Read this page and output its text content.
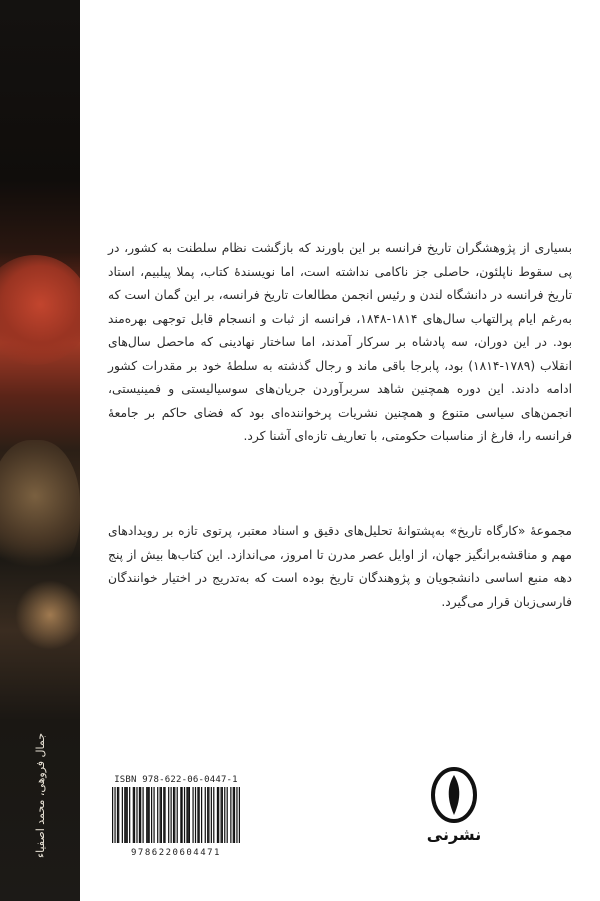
جمال فروهی، محمد اصفیاء
بسیاری از پژوهشگران تاریخ فرانسه بر این باورند که بازگشت نظام سلطنت به کشور، در پی سقوط ناپلئون، حاصلی جز ناکامی نداشته است، اما نویسندهٔ کتاب، پملا پیلبیم، استاد تاریخ فرانسه در دانشگاه لندن و رئیس انجمن مطالعات تاریخ فرانسه، بر این گمان است که به‌رغم ایام پرالتهاب سال‌های ۱۸۱۴-۱۸۴۸، فرانسه از ثبات و انسجام قابل توجهی بهره‌مند بود. در این دوران، سه پادشاه بر سرکار آمدند، اما ساختار نهادینی که ماحصل سال‌های انقلاب (۱۷۸۹-۱۸۱۴) بود، پابرجا باقی ماند و رجال گذشته به سلطهٔ خود بر مقدرات کشور ادامه دادند. این دوره همچنین شاهد سربرآوردن جریان‌های سوسیالیستی و فمینیستی، انجمن‌های سیاسی متنوع و همچنین نشریات پرخواننده‌ای بود که فضای حاکم بر جامعهٔ فرانسه را، فارغ از مناسبات حکومتی، با تعاریف تازه‌ای آشنا کرد.
مجموعهٔ «کارگاه تاریخ» به‌پشتوانهٔ تحلیل‌های دقیق و اسناد معتبر، پرتوی تازه بر رویدادهای مهم و مناقشه‌برانگیز جهان، از اوایل عصر مدرن تا امروز، می‌اندازد. این کتاب‌ها بیش از پنج دهه منبع اساسی دانشجویان و پژوهندگان تاریخ بوده است که به‌تدریج در اختیار خوانندگان فارسی‌زبان قرار می‌گیرد.
ISBN 978-622-06-0447-1
9786220604471
نشرنی
